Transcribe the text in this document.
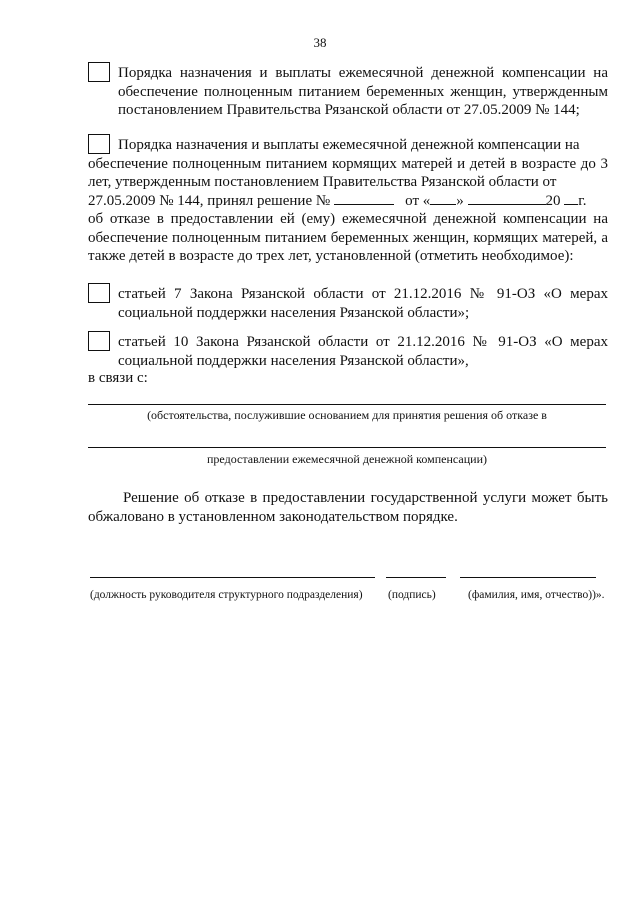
38
Порядка назначения и выплаты ежемесячной денежной компенсации на обеспечение полноценным питанием беременных женщин, утвержденным постановлением Правительства Рязанской области от 27.05.2009 № 144;
Порядка назначения и выплаты ежемесячной денежной компенсации на
обеспечение полноценным питанием кормящих матерей и детей в возрасте до 3 лет, утвержденным постановлением Правительства Рязанской области от
27.05.2009 № 144, принял решение №	от « »	20 г.
об отказе в предоставлении ей (ему) ежемесячной денежной компенсации на обеспечение полноценным питанием беременных женщин, кормящих матерей, а также детей в возрасте до трех лет, установленной (отметить необходимое):
статьей 7 Закона Рязанской области от 21.12.2016 № 91-ОЗ «О мерах социальной поддержки населения Рязанской области»;
статьей 10 Закона Рязанской области от 21.12.2016 № 91-ОЗ «О мерах социальной поддержки населения Рязанской области»,
в связи с:
(обстоятельства, послужившие основанием для принятия решения об отказе в
предоставлении ежемесячной денежной компенсации)
Решение об отказе в предоставлении государственной услуги может быть обжаловано в установленном законодательством порядке.
(должность руководителя структурного подразделения) (подпись)	(фамилия, имя, отчество))».
